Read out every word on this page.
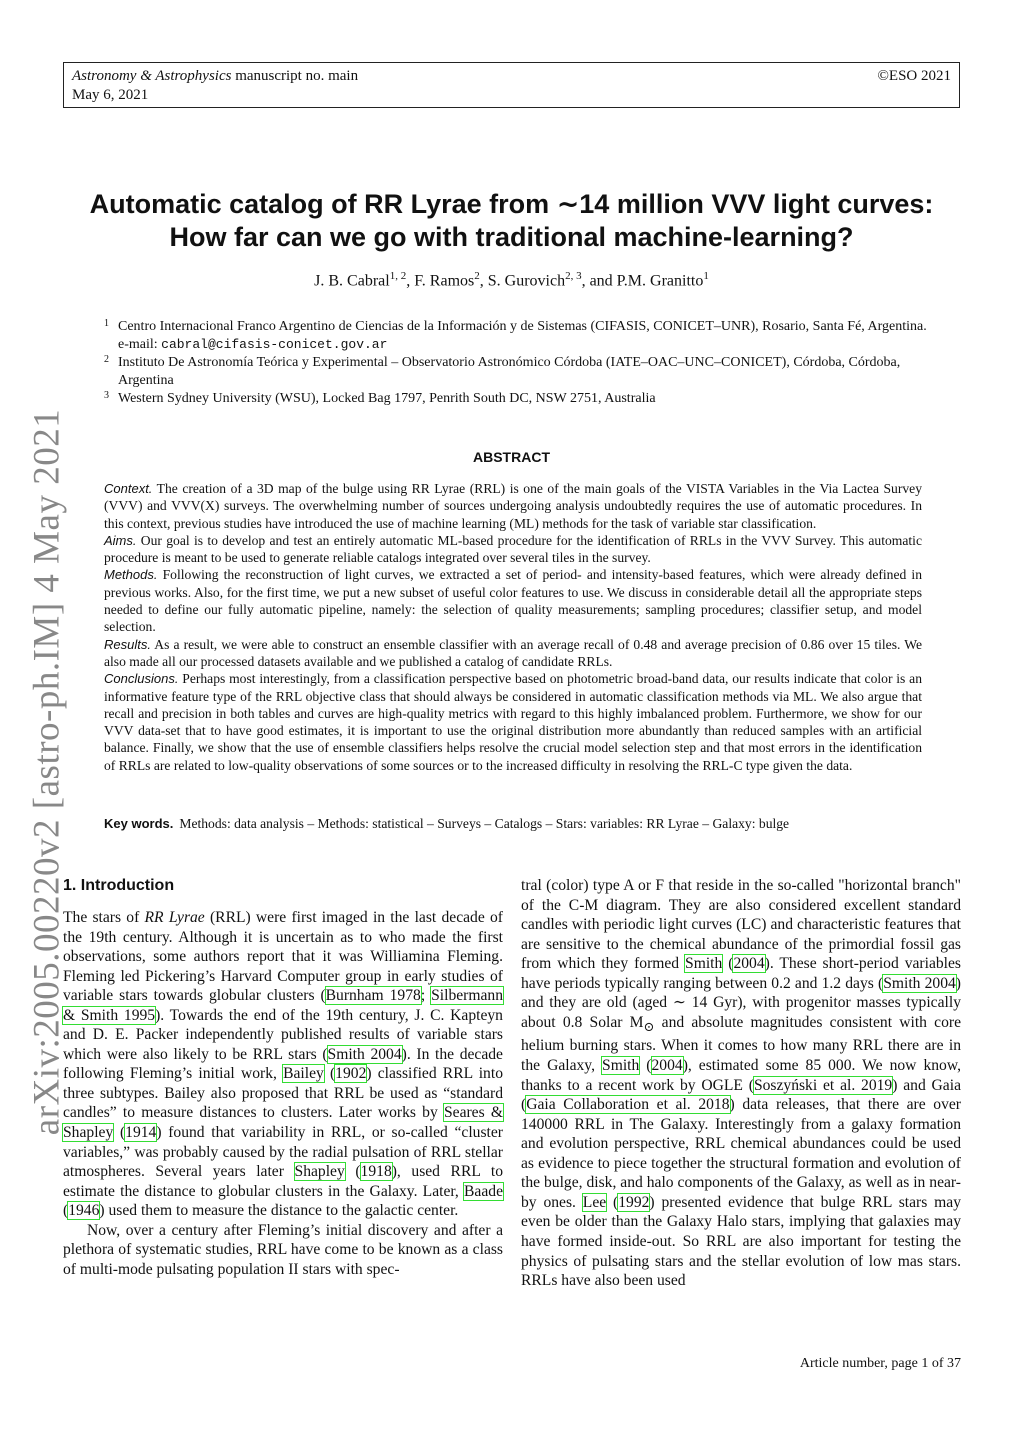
Astronomy & Astrophysics manuscript no. main
May 6, 2021
©ESO 2021
arXiv:2005.00220v2 [astro-ph.IM] 4 May 2021
Automatic catalog of RR Lyrae from ∼14 million VVV light curves:
How far can we go with traditional machine-learning?
J. B. Cabral$^{1, 2}$, F. Ramos$^2$, S. Gurovich$^{2, 3}$, and P.M. Granitto$^1$
1 Centro Internacional Franco Argentino de Ciencias de la Información y de Sistemas (CIFASIS, CONICET–UNR), Rosario, Santa Fé, Argentina. e-mail: cabral@cifasis-conicet.gov.ar
2 Instituto De Astronomía Teórica y Experimental – Observatorio Astronómico Córdoba (IATE–OAC–UNC–CONICET), Córdoba, Córdoba, Argentina
3 Western Sydney University (WSU), Locked Bag 1797, Penrith South DC, NSW 2751, Australia
ABSTRACT

Context. The creation of a 3D map of the bulge using RR Lyrae (RRL) is one of the main goals of the VISTA Variables in the Via Lactea Survey (VVV) and VVV(X) surveys. The overwhelming number of sources undergoing analysis undoubtedly requires the use of automatic procedures. In this context, previous studies have introduced the use of machine learning (ML) methods for the task of variable star classification.

Aims. Our goal is to develop and test an entirely automatic ML-based procedure for the identification of RRLs in the VVV Survey. This automatic procedure is meant to be used to generate reliable catalogs integrated over several tiles in the survey.

Methods. Following the reconstruction of light curves, we extracted a set of period- and intensity-based features, which were already defined in previous works. Also, for the first time, we put a new subset of useful color features to use. We discuss in considerable detail all the appropriate steps needed to define our fully automatic pipeline, namely: the selection of quality measurements; sampling procedures; classifier setup, and model selection.

Results. As a result, we were able to construct an ensemble classifier with an average recall of 0.48 and average precision of 0.86 over 15 tiles. We also made all our processed datasets available and we published a catalog of candidate RRLs.

Conclusions. Perhaps most interestingly, from a classification perspective based on photometric broad-band data, our results indicate that color is an informative feature type of the RRL objective class that should always be considered in automatic classification methods via ML. We also argue that recall and precision in both tables and curves are high-quality metrics with regard to this highly imbalanced problem. Furthermore, we show for our VVV data-set that to have good estimates, it is important to use the original distribution more abundantly than reduced samples with an artificial balance. Finally, we show that the use of ensemble classifiers helps resolve the crucial model selection step and that most errors in the identification of RRLs are related to low-quality observations of some sources or to the increased difficulty in resolving the RRL-C type given the data.

Key words. Methods: data analysis – Methods: statistical – Surveys – Catalogs – Stars: variables: RR Lyrae – Galaxy: bulge
1. Introduction

The stars of RR Lyrae (RRL) were first imaged in the last decade of the 19th century. Although it is uncertain as to who made the first observations, some authors report that it was Williamina Fleming. Fleming led Pickering’s Harvard Computer group in early studies of variable stars towards globular clusters (Burnham 1978; Silbermann & Smith 1995). Towards the end of the 19th century, J. C. Kapteyn and D. E. Packer independently published results of variable stars which were also likely to be RRL stars (Smith 2004). In the decade following Fleming’s initial work, Bailey (1902) classified RRL into three subtypes. Bailey also proposed that RRL be used as “standard candles” to measure distances to clusters. Later works by Seares & Shapley (1914) found that variability in RRL, or so-called “cluster variables,” was probably caused by the radial pulsation of RRL stellar atmospheres. Several years later Shapley (1918), used RRL to estimate the distance to globular clusters in the Galaxy. Later, Baade (1946) used them to measure the distance to the galactic center.

Now, over a century after Fleming’s initial discovery and after a plethora of systematic studies, RRL have come to be known as a class of multi-mode pulsating population II stars with spec-

tral (color) type A or F that reside in the so-called "horizontal branch" of the C-M diagram. They are also considered excellent standard candles with periodic light curves (LC) and characteristic features that are sensitive to the chemical abundance of the primordial fossil gas from which they formed Smith (2004). These short-period variables have periods typically ranging between 0.2 and 1.2 days (Smith 2004) and they are old (aged ∼ 14 Gyr), with progenitor masses typically about 0.8 Solar $M_⊙$ and absolute magnitudes consistent with core helium burning stars. When it comes to how many RRL there are in the Galaxy, Smith (2004), estimated some 85 000. We now know, thanks to a recent work by OGLE (Soszyński et al. 2019) and Gaia (Gaia Collaboration et al. 2018) data releases, that there are over 140000 RRL in The Galaxy. Interestingly from a galaxy formation and evolution perspective, RRL chemical abundances could be used as evidence to piece together the structural formation and evolution of the bulge, disk, and halo components of the Galaxy, as well as in near-by ones. Lee (1992) presented evidence that bulge RRL stars may even be older than the Galaxy Halo stars, implying that galaxies may have formed inside-out. So RRL are also important for testing the physics of pulsating stars and the stellar evolution of low mas stars. RRLs have also been used

Article number, page 1 of 37
